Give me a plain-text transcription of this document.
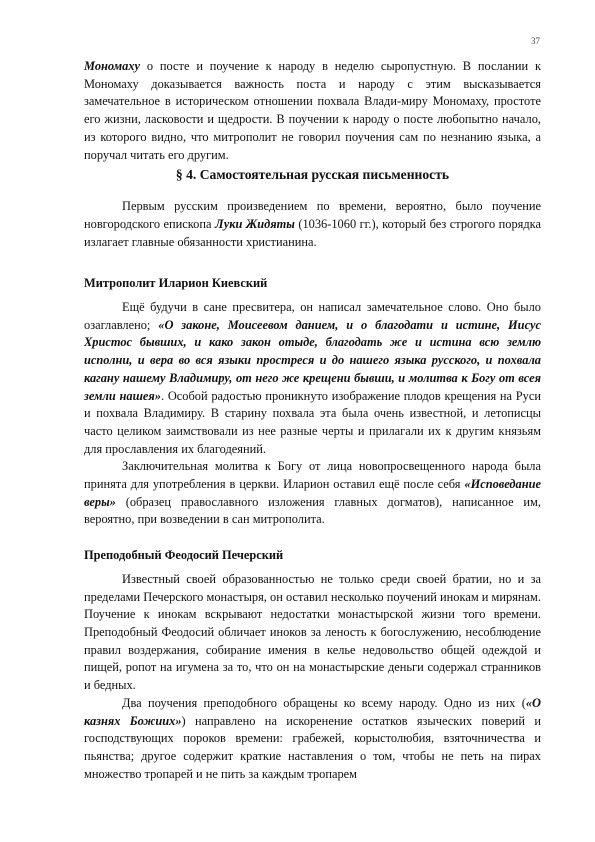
37

Мономаху о посте и поучение к народу в неделю сыропустную. В послании к Мономаху доказывается важность поста и народу с этим высказывается замечательное в историческом отношении похвала Влади-миру Мономаху, простоте его жизни, ласковости и щедрости. В поучении к народу о посте любопытно начало, из которого видно, что митрополит не говорил поучения сам по незнанию языка, а поручал читать его другим.

§ 4. Самостоятельная русская письменность

Первым русским произведением по времени, вероятно, было поучение новгородского епископа Луки Жидяты (1036-1060 гг.), который без строгого порядка излагает главные обязанности христианина.

Митрополит Иларион Киевский

Ещё будучи в сане пресвитера, он написал замечательное слово. Оно было озаглавлено; «О законе, Моисеевом данием, и о благодати и истине, Иисус Христос бывших, и како закон отыде, благодать же и истина всю землю исполни, и вера во вся языки простреся и до нашего языка русского, и похвала кагану нашему Владимиру, от него же крещени бывши, и молитва к Богу от всея земли нашея». Особой радостью проникнуто изображение плодов крещения на Руси и похвала Владимиру. В старину похвала эта была очень известной, и летописцы часто целиком заимствовали из нее разные черты и прилагали их к другим князьям для прославления их благодеяний.

Заключительная молитва к Богу от лица новопросвещенного народа была принята для употребления в церкви. Иларион оставил ещё после себя «Исповедание веры» (образец православного изложения главных догматов), написанное им, вероятно, при возведении в сан митрополита.

Преподобный Феодосий Печерский

Известный своей образованностью не только среди своей братии, но и за пределами Печерского монастыря, он оставил несколько поучений инокам и мирянам. Поучение к инокам вскрывают недостатки монастырской жизни того времени. Преподобный Феодосий обличает иноков за леность к богослужению, несоблюдение правил воздержания, собирание имения в келье недовольство общей одеждой и пищей, ропот на игумена за то, что он на монастырские деньги содержал странников и бедных.

Два поучения преподобного обращены ко всему народу. Одно из них («О казнях Божиих») направлено на искоренение остатков языческих поверий и господствующих пороков времени: грабежей, корыстолюбия, взяточничества и пьянства; другое содержит краткие наставления о том, чтобы не петь на пирах множество тропарей и не пить за каждым тропарем
